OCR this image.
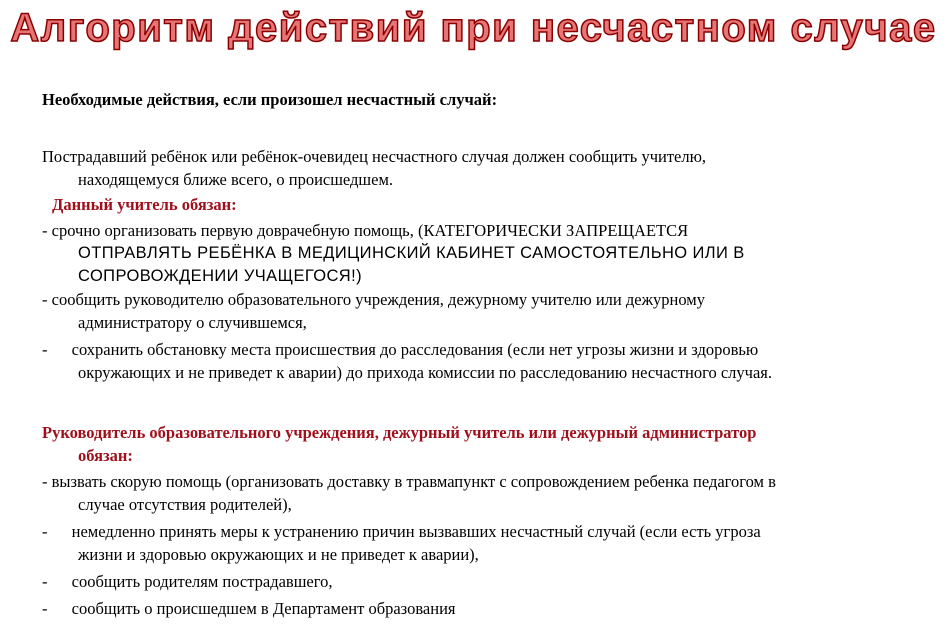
Алгоритм действий при несчастном случае
Необходимые действия, если произошел несчастный случай:
Пострадавший ребёнок или ребёнок-очевидец несчастного случая должен сообщить учителю,
находящемуся ближе всего, о происшедшем.
Данный учитель обязан:
- срочно организовать первую доврачебную помощь, (КАТЕГОРИЧЕСКИ ЗАПРЕЩАЕТСЯ
ОТПРАВЛЯТЬ РЕБЁНКА В МЕДИЦИНСКИЙ КАБИНЕТ САМОСТОЯТЕЛЬНО ИЛИ В
СОПРОВОЖДЕНИИ УЧАЩЕГОСЯ!)
- сообщить руководителю образовательного учреждения, дежурному учителю или дежурному
администратору о случившемся,
- сохранить обстановку места происшествия до расследования (если нет угрозы жизни и здоровью
окружающих и не приведет к аварии) до прихода комиссии по расследованию несчастного случая.
Руководитель образовательного учреждения, дежурный учитель или дежурный администратор
обязан:
- вызвать скорую помощь (организовать доставку в травмапункт с сопровождением ребенка педагогом в
случае отсутствия родителей),
- немедленно принять меры к устранению причин вызвавших несчастный случай (если есть угроза
жизни и здоровью окружающих и не приведет к аварии),
- сообщить родителям пострадавшего,
- сообщить о происшедшем в Департамент образования
